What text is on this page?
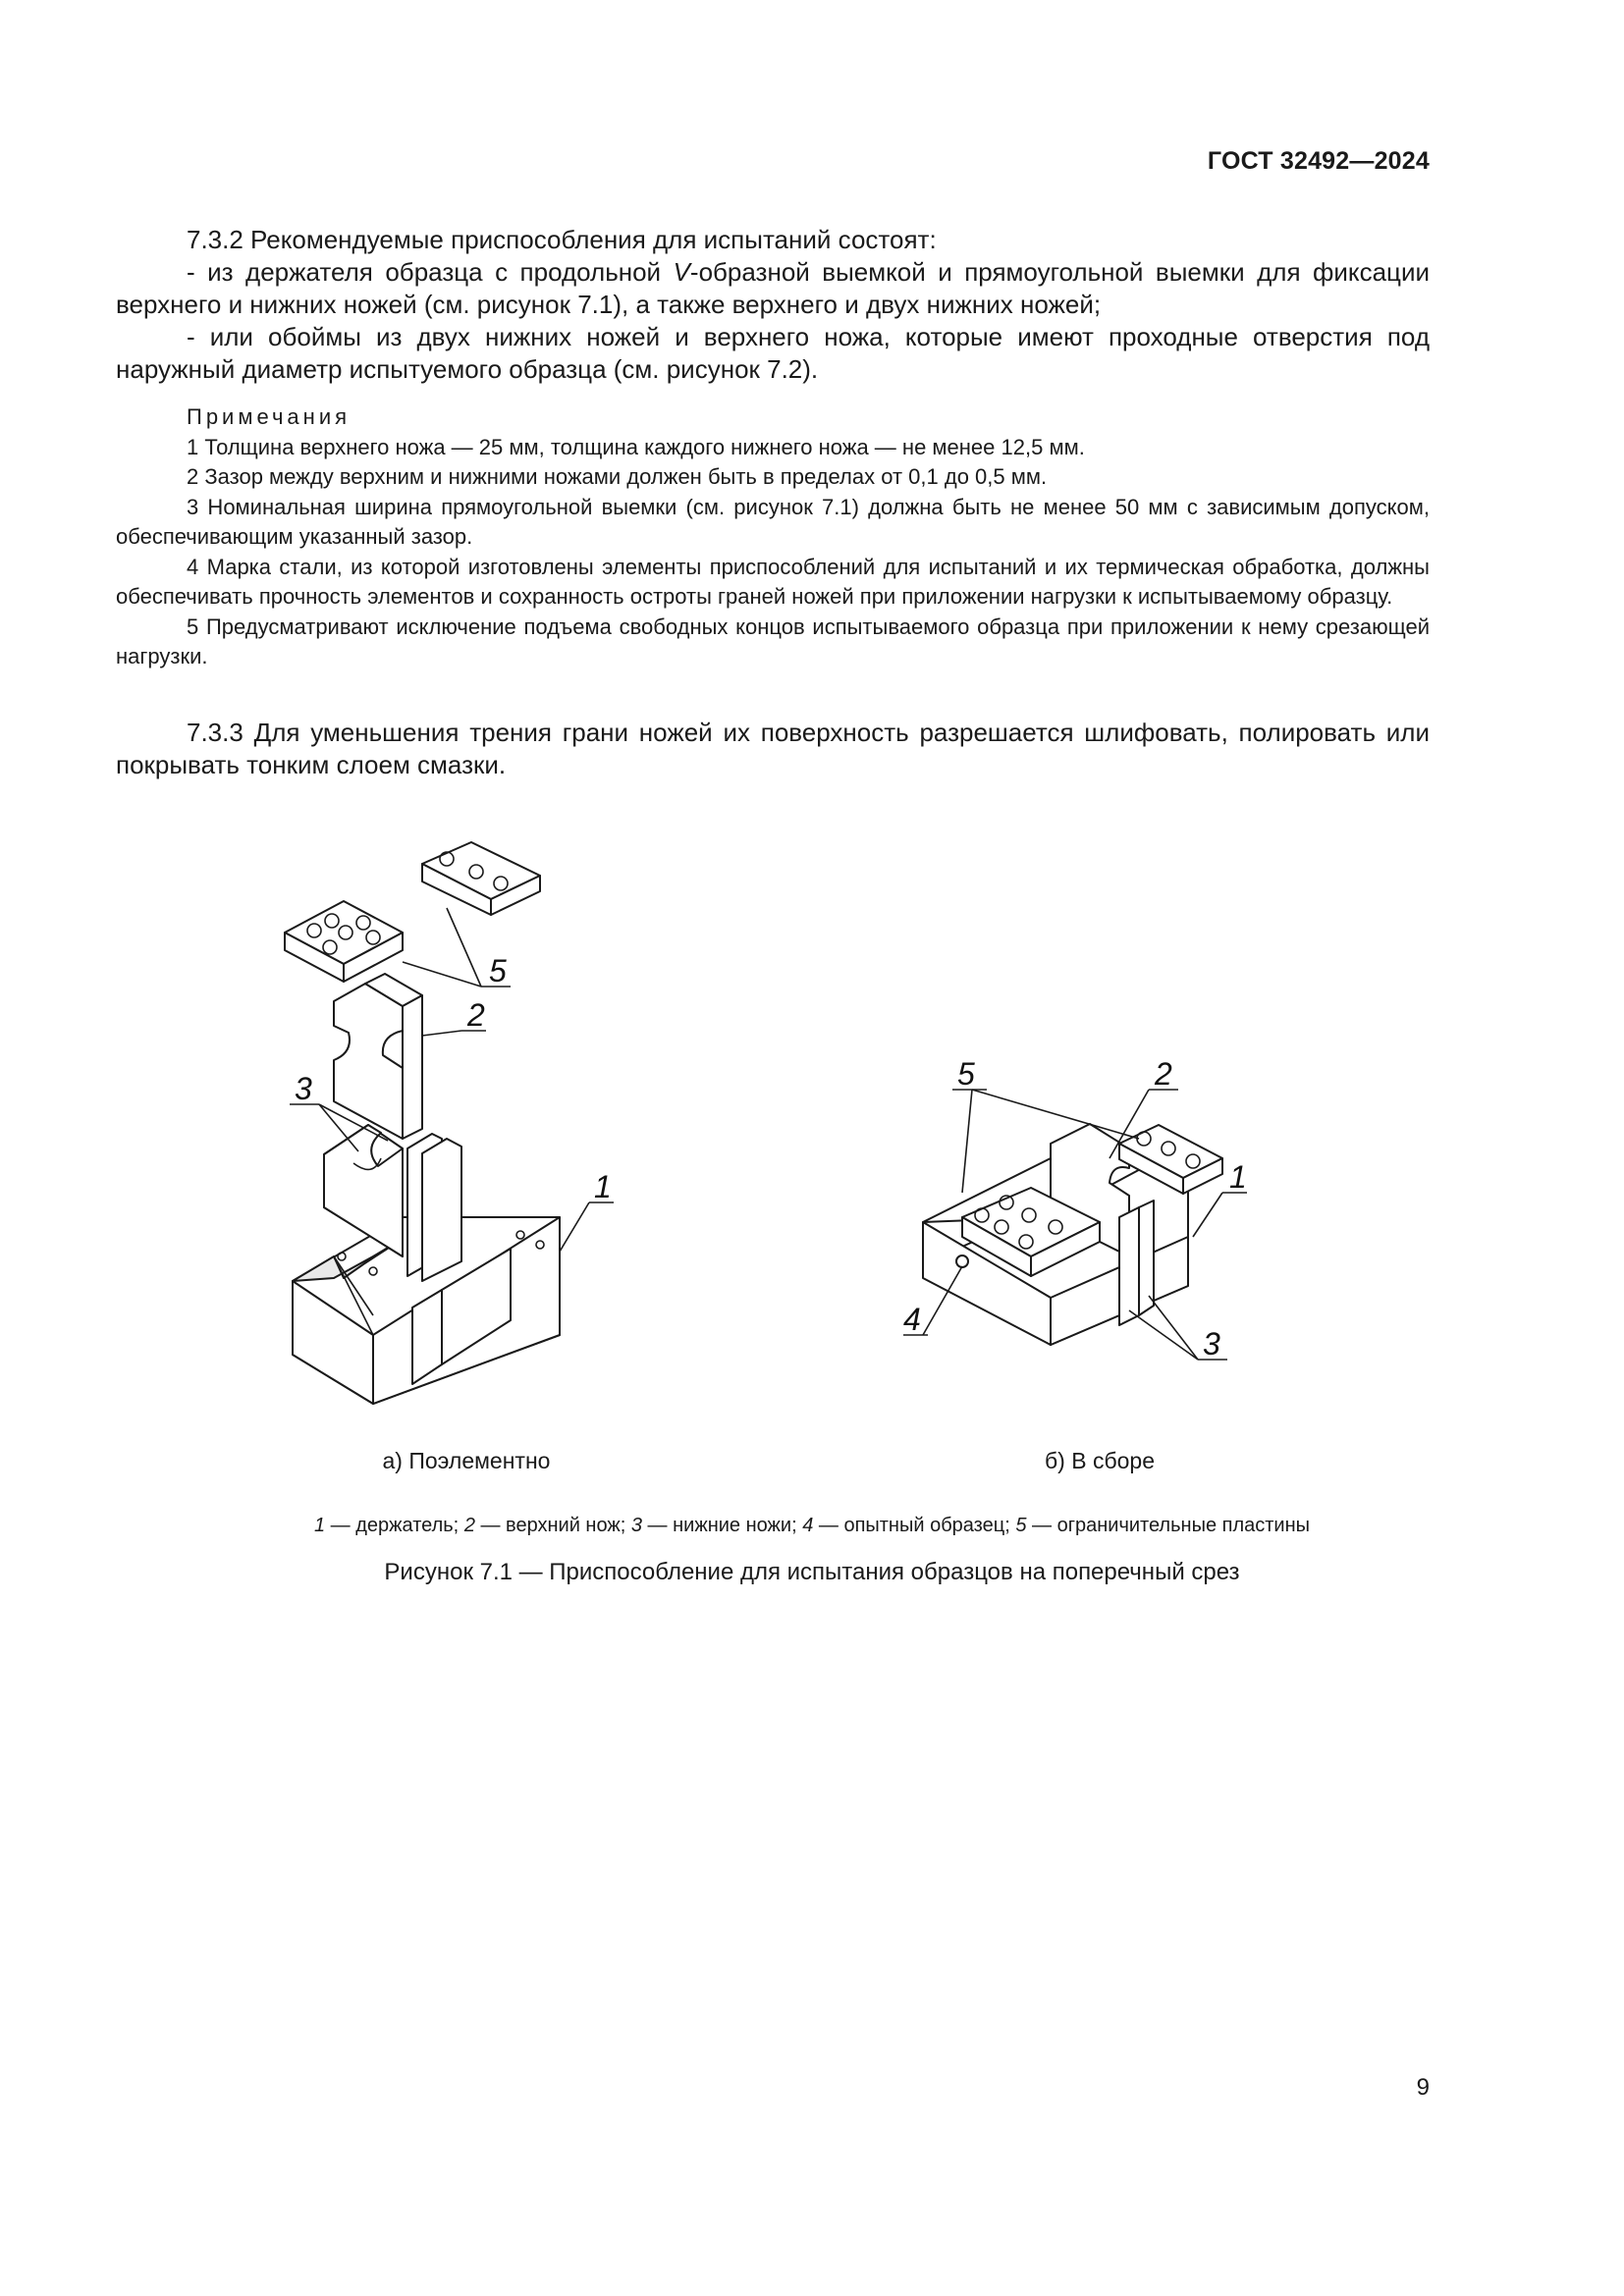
ГОСТ 32492—2024

7.3.2 Рекомендуемые приспособления для испытаний состоят:

- из держателя образца с продольной V-образной выемкой и прямоугольной выемки для фиксации верхнего и нижних ножей (см. рисунок 7.1), а также верхнего и двух нижних ножей;

- или обоймы из двух нижних ножей и верхнего ножа, которые имеют проходные отверстия под наружный диаметр испытуемого образца (см. рисунок 7.2).

Примечания

1 Толщина верхнего ножа — 25 мм, толщина каждого нижнего ножа — не менее 12,5 мм.

2 Зазор между верхним и нижними ножами должен быть в пределах от 0,1 до 0,5 мм.

3 Номинальная ширина прямоугольной выемки (см. рисунок 7.1) должна быть не менее 50 мм с зависимым допуском, обеспечивающим указанный зазор.

4 Марка стали, из которой изготовлены элементы приспособлений для испытаний и их термическая обработка, должны обеспечивать прочность элементов и сохранность остроты граней ножей при приложении нагрузки к испытываемому образцу.

5 Предусматривают исключение подъема свободных концов испытываемого образца при приложении к нему срезающей нагрузки.

7.3.3 Для уменьшения трения грани ножей их поверхность разрешается шлифовать, полировать или покрывать тонким слоем смазки.

5
2
3
1
5	2
1
4
3
а) Поэлементно	б) В сборе
1 — держатель; 2 — верхний нож; 3 — нижние ножи; 4 — опытный образец; 5 — ограничительные пластины
Рисунок 7.1 — Приспособление для испытания образцов на поперечный срез
9
